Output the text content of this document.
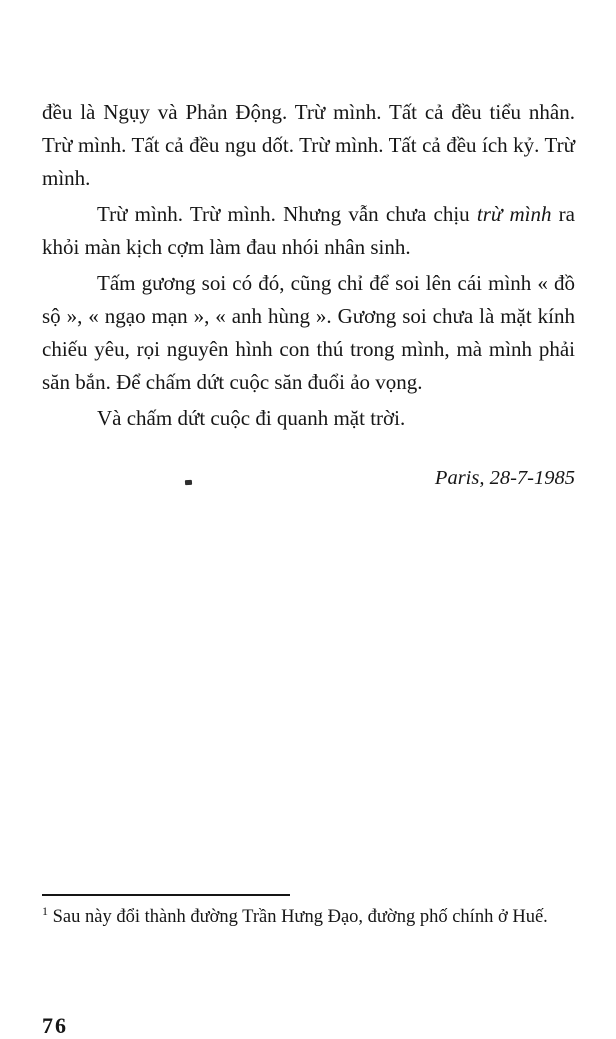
đều là Ngụy và Phản Động. Trừ mình. Tất cả đều tiểu nhân. Trừ mình. Tất cả đều ngu dốt. Trừ mình. Tất cả đều ích kỷ. Trừ mình.

Trừ mình. Trừ mình. Nhưng vẫn chưa chịu trừ mình ra khỏi màn kịch cợm làm đau nhói nhân sinh.

Tấm gương soi có đó, cũng chỉ để soi lên cái mình « đồ sộ », « ngạo mạn », « anh hùng ». Gương soi chưa là mặt kính chiếu yêu, rọi nguyên hình con thú trong mình, mà mình phải săn bắn. Để chấm dứt cuộc săn đuổi ảo vọng.

Và chấm dứt cuộc đi quanh mặt trời.

Paris, 28-7-1985
$^1$ Sau này đổi thành đường Trần Hưng Đạo, đường phố chính ở Huế.
76
